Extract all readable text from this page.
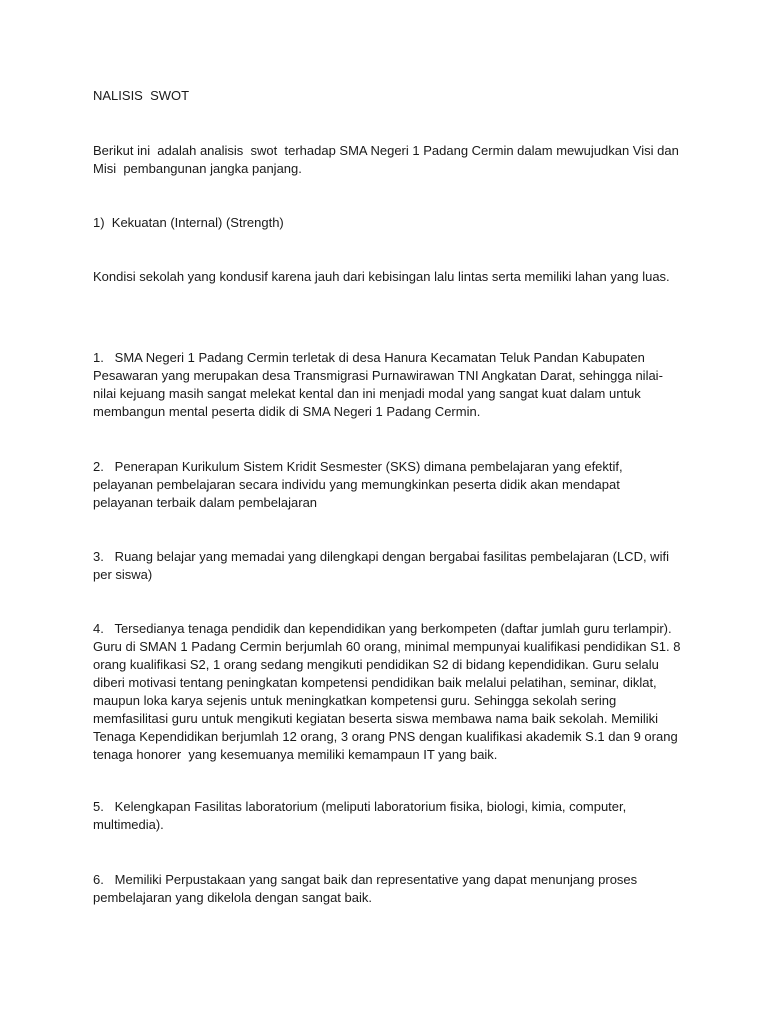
NALISIS  SWOT

Berikut ini  adalah analisis  swot  terhadap SMA Negeri 1 Padang Cermin dalam mewujudkan Visi dan Misi  pembangunan jangka panjang.

1)  Kekuatan (Internal) (Strength)

Kondisi sekolah yang kondusif karena jauh dari kebisingan lalu lintas serta memiliki lahan yang luas.

1.   SMA Negeri 1 Padang Cermin terletak di desa Hanura Kecamatan Teluk Pandan Kabupaten Pesawaran yang merupakan desa Transmigrasi Purnawirawan TNI Angkatan Darat, sehingga nilai-nilai kejuang masih sangat melekat kental dan ini menjadi modal yang sangat kuat dalam untuk membangun mental peserta didik di SMA Negeri 1 Padang Cermin.

2.   Penerapan Kurikulum Sistem Kridit Sesmester (SKS) dimana pembelajaran yang efektif, pelayanan pembelajaran secara individu yang memungkinkan peserta didik akan mendapat pelayanan terbaik dalam pembelajaran

3.   Ruang belajar yang memadai yang dilengkapi dengan bergabai fasilitas pembelajaran (LCD, wifi per siswa)

4.   Tersedianya tenaga pendidik dan kependidikan yang berkompeten (daftar jumlah guru terlampir). Guru di SMAN 1 Padang Cermin berjumlah 60 orang, minimal mempunyai kualifikasi pendidikan S1. 8 orang kualifikasi S2, 1 orang sedang mengikuti pendidikan S2 di bidang kependidikan. Guru selalu diberi motivasi tentang peningkatan kompetensi pendidikan baik melalui pelatihan, seminar, diklat, maupun loka karya sejenis untuk meningkatkan kompetensi guru. Sehingga sekolah sering memfasilitasi guru untuk mengikuti kegiatan beserta siswa membawa nama baik sekolah. Memiliki Tenaga Kependidikan berjumlah 12 orang, 3 orang PNS dengan kualifikasi akademik S.1 dan 9 orang tenaga honorer  yang kesemuanya memiliki kemampaun IT yang baik.

5.   Kelengkapan Fasilitas laboratorium (meliputi laboratorium fisika, biologi, kimia, computer, multimedia).

6.   Memiliki Perpustakaan yang sangat baik dan representative yang dapat menunjang proses pembelajaran yang dikelola dengan sangat baik.
